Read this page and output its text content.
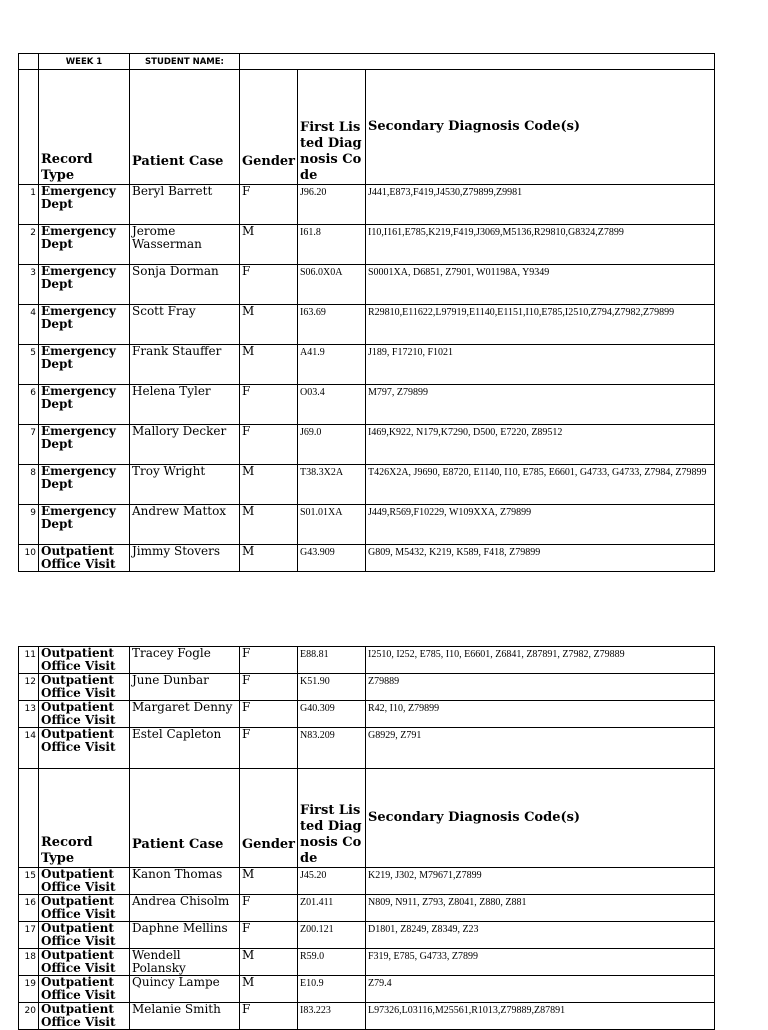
	WEEK 1	STUDENT NAME:			
	Record Type	Patient Case	Gender	First Listed Diagnosis Code	Secondary Diagnosis Code(s)
1	Emergency Dept	Beryl Barrett	F	J96.20	J441,E873,F419,J4530,Z79899,Z9981
2	Emergency Dept	Jerome Wasserman	M	I61.8	I10,I161,E785,K219,F419,J3069,M5136,R29810,G8324,Z7899
3	Emergency Dept	Sonja Dorman	F	S06.0X0A	S0001XA, D6851, Z7901, W01198A, Y9349
4	Emergency Dept	Scott Fray	M	I63.69	R29810,E11622,L97919,E1140,E1151,I10,E785,I2510,Z794,Z7982,Z79899
5	Emergency Dept	Frank Stauffer	M	A41.9	J189, F17210, F1021
6	Emergency Dept	Helena Tyler	F	O03.4	M797, Z79899
7	Emergency Dept	Mallory Decker	F	J69.0	I469,K922, N179,K7290, D500, E7220, Z89512
8	Emergency Dept	Troy Wright	M	T38.3X2A	T426X2A, J9690, E8720, E1140, I10, E785, E6601, G4733, G4733, Z7984, Z79899
9	Emergency Dept	Andrew Mattox	M	S01.01XA	J449,R569,F10229, W109XXA, Z79899
10	Outpatient Office Visit	Jimmy Stovers	M	G43.909	G809, M5432, K219, K589, F418, Z79899
11	Outpatient Office Visit	Tracey Fogle	F	E88.81	I2510, I252, E785, I10, E6601, Z6841, Z87891, Z7982, Z79889
12	Outpatient Office Visit	June Dunbar	F	K51.90	Z79889
13	Outpatient Office Visit	Margaret Denny	F	G40.309	R42, I10, Z79899
14	Outpatient Office Visit	Estel Capleton	F	N83.209	G8929, Z791
	Record Type	Patient Case	Gender	First Listed Diagnosis Code	Secondary Diagnosis Code(s)
15	Outpatient Office Visit	Kanon Thomas	M	J45.20	K219, J302, M79671,Z7899
16	Outpatient Office Visit	Andrea Chisolm	F	Z01.411	N809, N911, Z793, Z8041, Z880, Z881
17	Outpatient Office Visit	Daphne Mellins	F	Z00.121	D1801, Z8249, Z8349, Z23
18	Outpatient Office Visit	Wendell Polansky	M	R59.0	F319, E785, G4733, Z7899
19	Outpatient Office Visit	Quincy Lampe	M	E10.9	Z79.4
20	Outpatient Office Visit	Melanie Smith	F	I83.223	L97326,L03116,M25561,R1013,Z79889,Z87891
